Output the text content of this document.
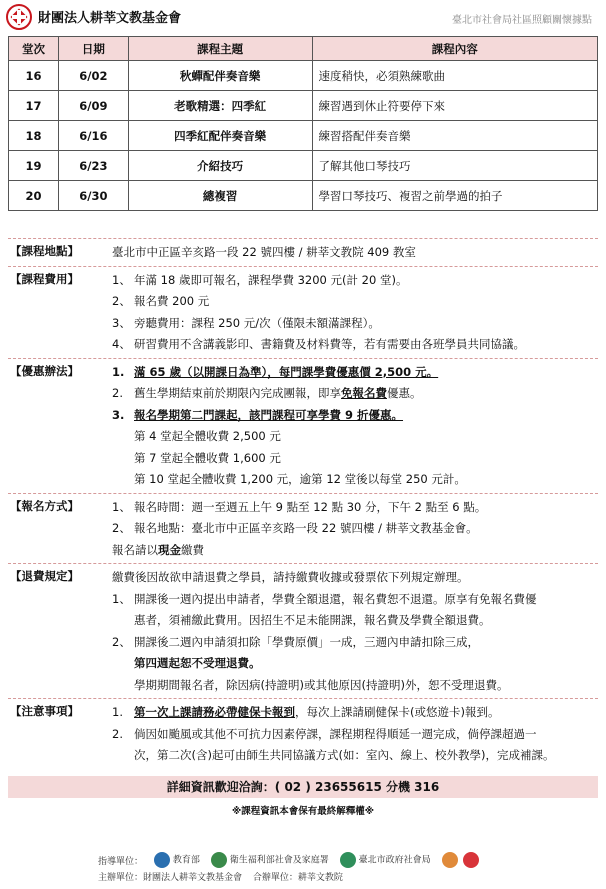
財團法人耕莘文教基金會	臺北市社會局社區照顧關懷據點
堂次	日期	課程主題	課程內容
16	6/02	秋蟬配伴奏音樂	速度稍快，必須熟練歌曲
17	6/09	老歌精選：四季紅	練習遇到休止符要停下來
18	6/16	四季紅配伴奏音樂	練習搭配伴奏音樂
19	6/23	介紹技巧	了解其他口琴技巧
20	6/30	總複習	學習口琴技巧、複習之前學過的拍子
【課程地點】	臺北市中正區辛亥路一段 22 號四樓 / 耕莘文教院 409 教室
【課程費用】	1、 年滿 18 歲即可報名，課程學費 3200 元(計 20 堂)。
2、 報名費 200 元
3、 旁聽費用：課程 250 元/次（僅限未額滿課程）。
4、 研習費用不含講義影印、書籍費及材料費等，若有需要由各班學員共同協議。
【優惠辦法】	1. 滿 65 歲（以開課日為準），每門課學費優惠價 2,500 元。
2. 舊生學期結束前於期限內完成團報，即享免報名費優惠。
3. 報名學期第二門課起，該門課程可享學費 9 折優惠。
第 4 堂起全體收費 2,500 元
第 7 堂起全體收費 1,600 元
第 10 堂起全體收費 1,200 元，逾第 12 堂後以每堂 250 元計。
【報名方式】	1、 報名時間：週一至週五上午 9 點至 12 點 30 分，下午 2 點至 6 點。
2、 報名地點：臺北市中正區辛亥路一段 22 號四樓 / 耕莘文教基金會。
報名請以現金繳費
【退費規定】	繳費後因故欲申請退費之學員，請持繳費收據或發票依下列規定辦理。
1、 開課後一週內提出申請者，學費全額退還，報名費恕不退還。原享有免報名費優
惠者，須補繳此費用。因招生不足未能開課，報名費及學費全額退費。
2、 開課後二週內申請須扣除「學費原價」一成，三週內申請扣除三成，
第四週起恕不受理退費。
學期期間報名者，除因病(持證明)或其他原因(持證明)外，恕不受理退費。
【注意事項】	1. 第一次上課請務必帶健保卡報到，每次上課請刷健保卡(或悠遊卡)報到。
2. 倘因如颱風或其他不可抗力因素停課，課程期程得順延一週完成，倘停課超過一
次，第二次(含)起可由師生共同協議方式(如：室內、線上、校外教學)，完成補課。
詳細資訊歡迎洽詢：( 02 ) 23655615 分機 316
※課程資訊本會保有最終解釋權※
指導單位：	教育部	衛生福利部社會及家庭署	臺北市政府社會局
主辦單位：財團法人耕莘文教基金會 合辦單位：耕莘文教院
